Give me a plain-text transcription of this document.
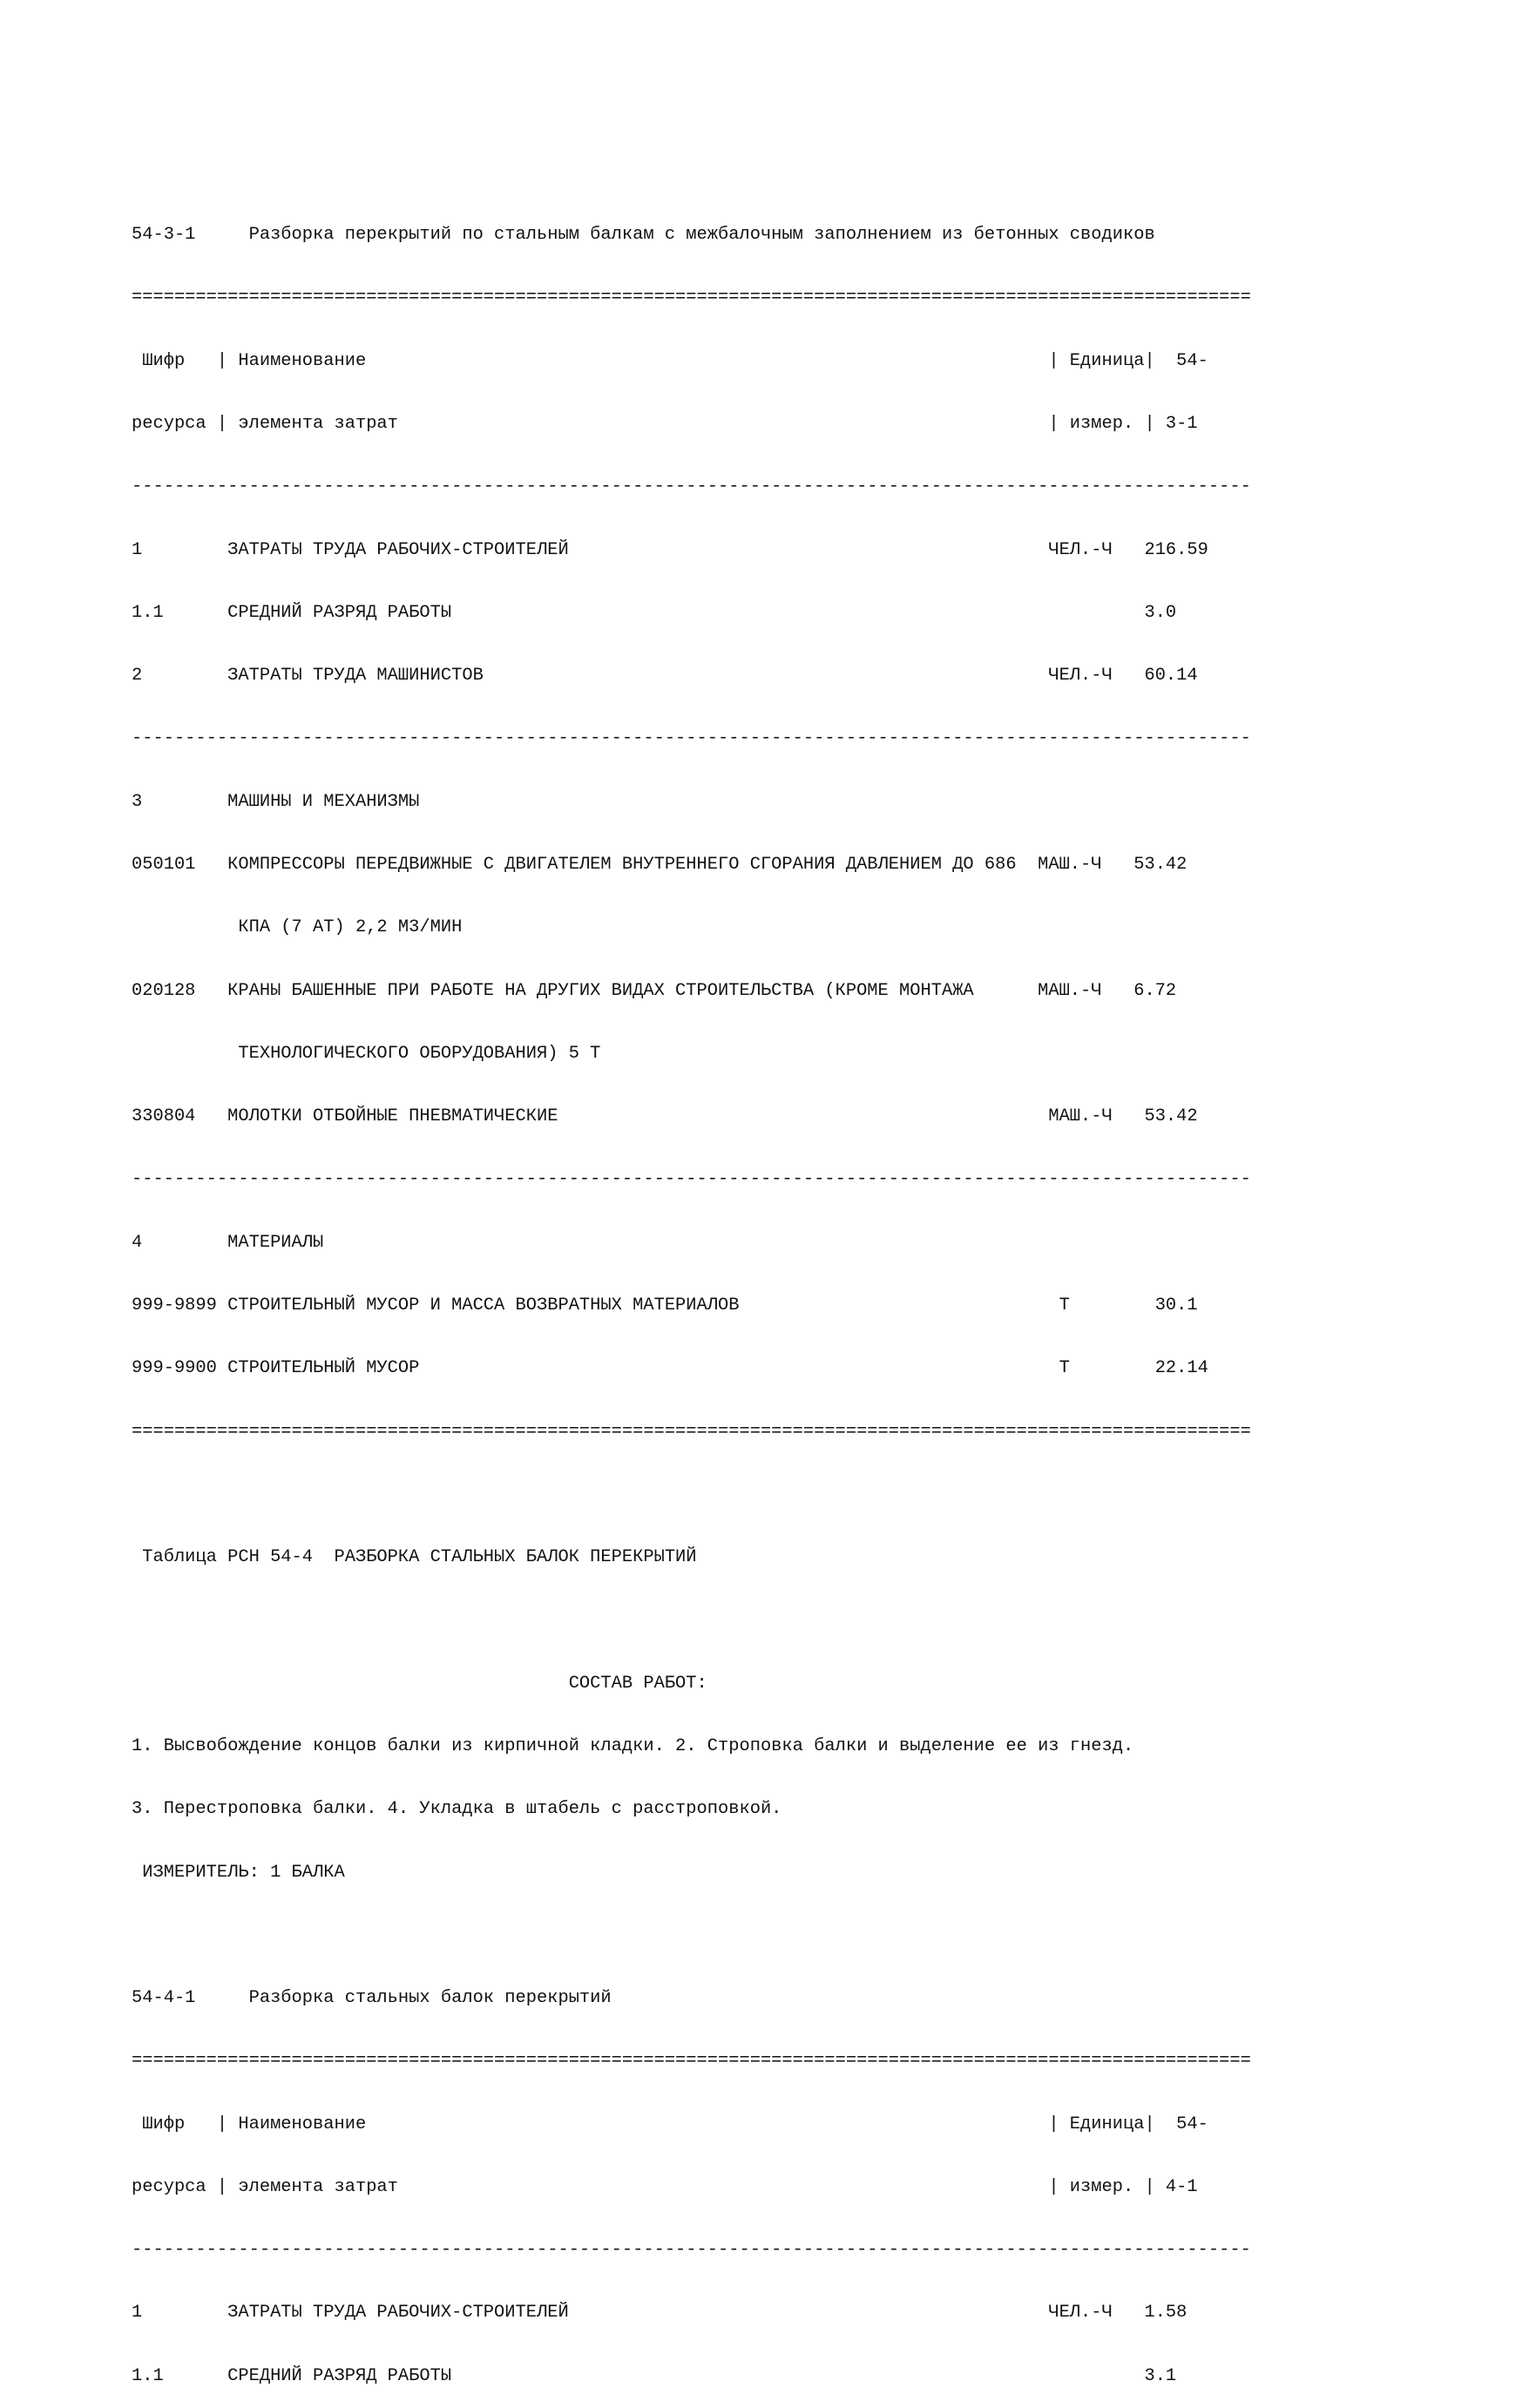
54-3-1     Разборка перекрытий по стальным балкам с межбалочным заполнением из бетонных сводиков

=========================================================================================================

Шифр   | Наименование                                                                | Единица|  54-

ресурса | элемента затрат                                                             | измер. | 3-1

---------------------------------------------------------------------------------------------------------

1        ЗАТРАТЫ ТРУДА РАБОЧИХ-СТРОИТЕЛЕЙ                                             ЧЕЛ.-Ч   216.59

1.1      СРЕДНИЙ РАЗРЯД РАБОТЫ                                                                 3.0

2        ЗАТРАТЫ ТРУДА МАШИНИСТОВ                                                     ЧЕЛ.-Ч   60.14

---------------------------------------------------------------------------------------------------------

3        МАШИНЫ И МЕХАНИЗМЫ

050101   КОМПРЕССОРЫ ПЕРЕДВИЖНЫЕ С ДВИГАТЕЛЕМ ВНУТРЕННЕГО СГОРАНИЯ ДАВЛЕНИЕМ ДО 686  МАШ.-Ч   53.42

КПА (7 АТ) 2,2 М3/МИН

020128   КРАНЫ БАШЕННЫЕ ПРИ РАБОТЕ НА ДРУГИХ ВИДАХ СТРОИТЕЛЬСТВА (КРОМЕ МОНТАЖА      МАШ.-Ч   6.72

ТЕХНОЛОГИЧЕСКОГО ОБОРУДОВАНИЯ) 5 Т

330804   МОЛОТКИ ОТБОЙНЫЕ ПНЕВМАТИЧЕСКИЕ                                              МАШ.-Ч   53.42

---------------------------------------------------------------------------------------------------------

4        МАТЕРИАЛЫ

999-9899 СТРОИТЕЛЬНЫЙ МУСОР И МАССА ВОЗВРАТНЫХ МАТЕРИАЛОВ                              Т        30.1

999-9900 СТРОИТЕЛЬНЫЙ МУСОР                                                            Т        22.14

=========================================================================================================

Таблица РСН 54-4  РАЗБОРКА СТАЛЬНЫХ БАЛОК ПЕРЕКРЫТИЙ

СОСТАВ РАБОТ:

1. Высвобождение концов балки из кирпичной кладки. 2. Строповка балки и выделение ее из гнезд.

3. Перестроповка балки. 4. Укладка в штабель с расстроповкой.

ИЗМЕРИТЕЛЬ: 1 БАЛКА

54-4-1     Разборка стальных балок перекрытий

=========================================================================================================

Шифр   | Наименование                                                                | Единица|  54-

ресурса | элемента затрат                                                             | измер. | 4-1

---------------------------------------------------------------------------------------------------------

1        ЗАТРАТЫ ТРУДА РАБОЧИХ-СТРОИТЕЛЕЙ                                             ЧЕЛ.-Ч   1.58

1.1      СРЕДНИЙ РАЗРЯД РАБОТЫ                                                                 3.1
